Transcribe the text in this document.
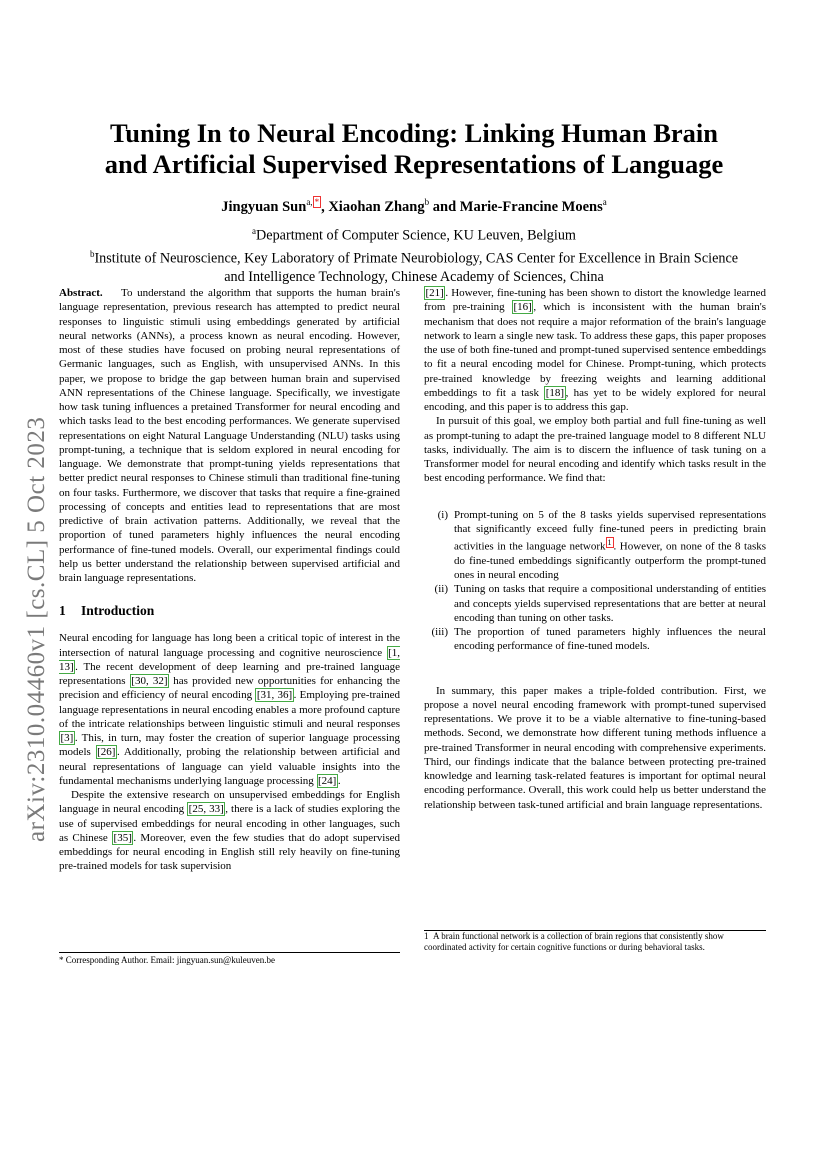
arXiv:2310.04460v1 [cs.CL] 5 Oct 2023
Tuning In to Neural Encoding: Linking Human Brain
and Artificial Supervised Representations of Language
Jingyuan Sun$^{a,}$ * , Xiaohan Zhang$^b$ and Marie-Francine Moens$^a$
$^a$Department of Computer Science, KU Leuven, Belgium
$^b$Institute of Neuroscience, Key Laboratory of Primate Neurobiology, CAS Center for Excellence in Brain Science
and Intelligence Technology, Chinese Academy of Sciences, China

Abstract. To understand the algorithm that supports the human brain's language representation, previous research has attempted to predict neural responses to linguistic stimuli using embeddings generated by artificial neural networks (ANNs), a process known as neural encoding. However, most of these studies have focused on probing neural representations of Germanic languages, such as English, with unsupervised ANNs. In this paper, we propose to bridge the gap between human brain and supervised ANN representations of the Chinese language. Specifically, we investigate how task tuning influences a pretained Transformer for neural encoding and which tasks lead to the best encoding performances. We generate supervised representations on eight Natural Language Understanding (NLU) tasks using prompt-tuning, a technique that is seldom explored in neural encoding for language. We demonstrate that prompt-tuning yields representations that better predict neural responses to Chinese stimuli than traditional fine-tuning on four tasks. Furthermore, we discover that tasks that require a fine-grained processing of concepts and entities lead to representations that are most predictive of brain activation patterns. Additionally, we reveal that the proportion of tuned parameters highly influences the neural encoding performance of fine-tuned models. Overall, our experimental findings could help us better understand the relationship between supervised artificial and brain language representations.

1 Introduction

Neural encoding for language has long been a critical topic of interest in the intersection of natural language processing and cognitive neuroscience [1, 13] . The recent development of deep learning and pre-trained language representations [30, 32] has provided new opportunities for enhancing the precision and efficiency of neural encoding [31, 36] . Employing pre-trained language representations in neural encoding enables a more profound capture of the intricate relationships between linguistic stimuli and neural responses [3] . This, in turn, may foster the creation of superior language processing models [26] . Additionally, probing the relationship between artificial and neural representations of language can yield valuable insights into the fundamental mechanisms underlying language processing [24] .

Despite the extensive research on unsupervised embeddings for English language in neural encoding [25, 33] , there is a lack of studies exploring the use of supervised embeddings for neural encoding in other languages, such as Chinese [35] . Moreover, even the few studies that do adopt supervised embeddings for neural encoding in English still rely heavily on fine-tuning pre-trained models for task supervision

[21] . However, fine-tuning has been shown to distort the knowledge learned from pre-training [16] , which is inconsistent with the human brain's mechanism that does not require a major reformation of the brain's language network to learn a single new task. To address these gaps, this paper proposes the use of both fine-tuned and prompt-tuned supervised sentence embeddings to fit a neural encoding model for Chinese. Prompt-tuning, which protects pre-trained knowledge by freezing weights and learning additional embeddings to fit a task [18] , has yet to be widely explored for neural encoding, and this paper is to address this gap.

In pursuit of this goal, we employ both partial and full fine-tuning as well as prompt-tuning to adapt the pre-trained language model to 8 different NLU tasks, individually. The aim is to discern the influence of task tuning on a Transformer model for neural encoding and identify which tasks result in the best encoding performance. We find that:

(i) Prompt-tuning on 5 of the 8 tasks yields supervised representations that significantly exceed fully fine-tuned peers in predicting brain activities in the language network $^1$ . However, on none of the 8 tasks do fine-tuned embeddings significantly outperform the prompt-tuned ones in neural encoding
(ii) Tuning on tasks that require a compositional understanding of entities and concepts yields supervised representations that are better at neural encoding than tuning on other tasks.
(iii) The proportion of tuned parameters highly influences the neural encoding performance of fine-tuned models.

In summary, this paper makes a triple-folded contribution. First, we propose a novel neural encoding framework with prompt-tuned supervised representations. We prove it to be a viable alternative to fine-tuning-based methods. Second, we demonstrate how different tuning methods influence a pre-trained Transformer in neural encoding with comprehensive experiments. Third, our findings indicate that the balance between protecting pre-trained knowledge and learning task-related features is important for optimal neural encoding performance. Overall, this work could help us better understand the relationship between task-tuned artificial and brain language representations.

* Corresponding Author. Email: jingyuan.sun@kuleuven.be
1 A brain functional network is a collection of brain regions that consistently show coordinated activity for certain cognitive functions or during behavioral tasks.
